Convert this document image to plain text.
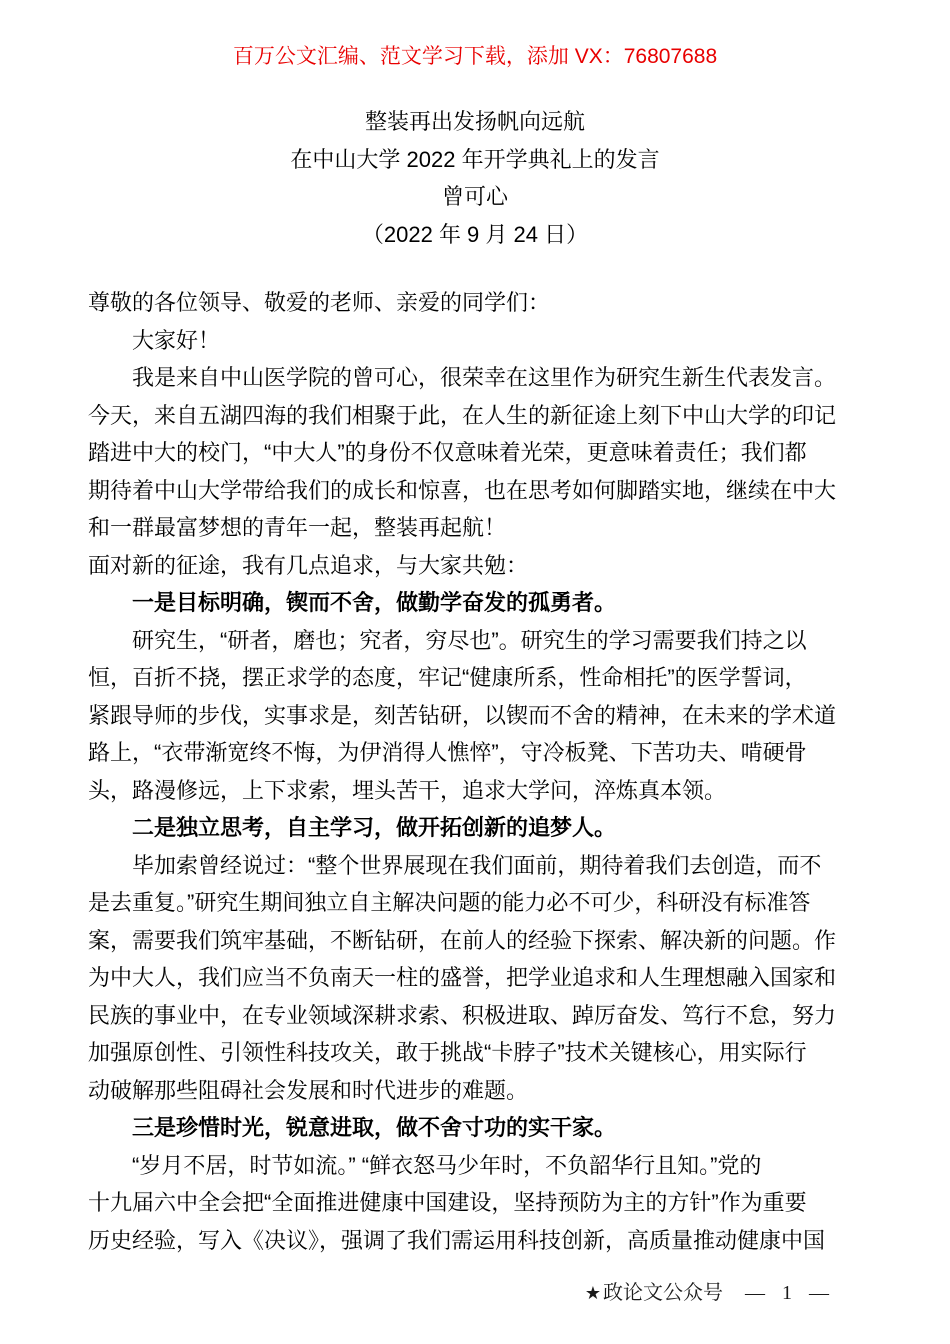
百万公文汇编、范文学习下载，添加 VX：76807688
整装再出发扬帆向远航
在中山大学 2022 年开学典礼上的发言
曾可心
（2022 年 9 月 24 日）
尊敬的各位领导、敬爱的老师、亲爱的同学们：
大家好！
我是来自中山医学院的曾可心，很荣幸在这里作为研究生新生代表发言。
今天，来自五湖四海的我们相聚于此，在人生的新征途上刻下中山大学的印记
踏进中大的校门，“中大人”的身份不仅意味着光荣，更意味着责任；我们都
期待着中山大学带给我们的成长和惊喜，也在思考如何脚踏实地，继续在中大
和一群最富梦想的青年一起，整装再起航！
面对新的征途，我有几点追求，与大家共勉：
一是目标明确，锲而不舍，做勤学奋发的孤勇者。
研究生，“研者，磨也；究者，穷尽也”。研究生的学习需要我们持之以
恒，百折不挠，摆正求学的态度，牢记“健康所系，性命相托”的医学誓词，
紧跟导师的步伐，实事求是，刻苦钻研，以锲而不舍的精神，在未来的学术道
路上，“衣带渐宽终不悔，为伊消得人憔悴”，守冷板凳、下苦功夫、啃硬骨
头，路漫修远，上下求索，埋头苦干，追求大学问，淬炼真本领。
二是独立思考，自主学习，做开拓创新的追梦人。
毕加索曾经说过：“整个世界展现在我们面前，期待着我们去创造，而不
是去重复。”研究生期间独立自主解决问题的能力必不可少，科研没有标准答
案，需要我们筑牢基础，不断钻研，在前人的经验下探索、解决新的问题。作
为中大人，我们应当不负南天一柱的盛誉，把学业追求和人生理想融入国家和
民族的事业中，在专业领域深耕求索、积极进取、踔厉奋发、笃行不怠，努力
加强原创性、引领性科技攻关，敢于挑战“卡脖子”技术关键核心，用实际行
动破解那些阻碍社会发展和时代进步的难题。
三是珍惜时光，锐意进取，做不舍寸功的实干家。
“岁月不居，时节如流。” “鲜衣怒马少年时，不负韶华行且知。”党的
十九届六中全会把“全面推进健康中国建设，坚持预防为主的方针”作为重要
历史经验，写入《决议》，强调了我们需运用科技创新，高质量推动健康中国
★ 政论文公众号 — 1 —
